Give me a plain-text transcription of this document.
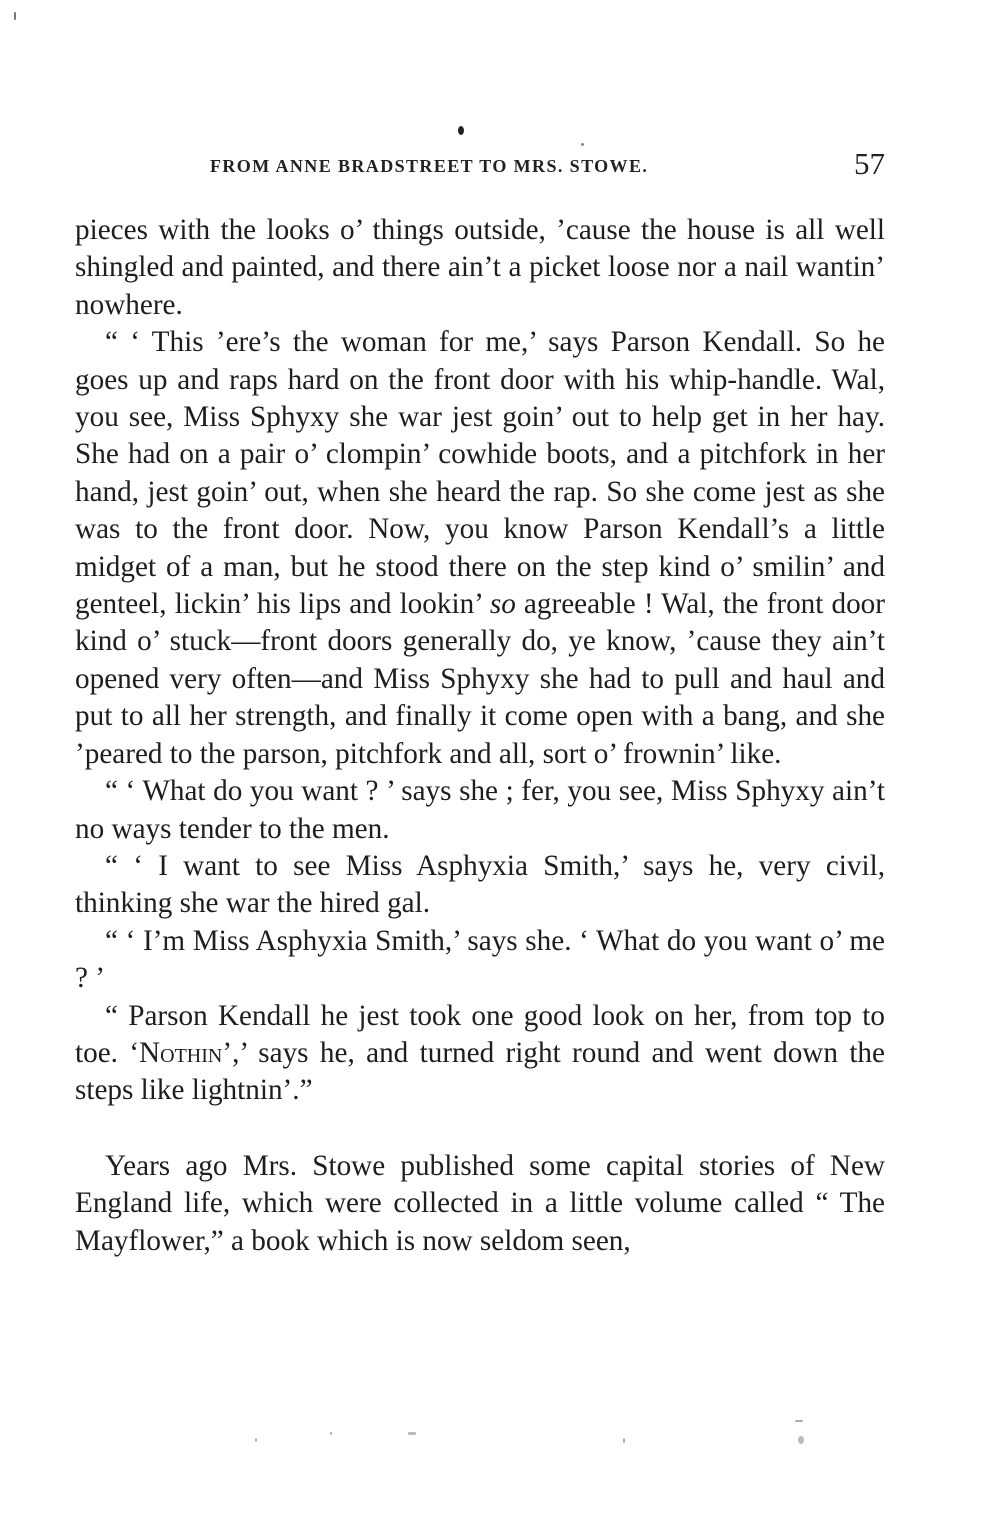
FROM ANNE BRADSTREET TO MRS. STOWE.	57

pieces with the looks o’ things outside, ’cause the house is all well shingled and painted, and there ain’t a picket loose nor a nail wantin’ nowhere.

“ ‘ This ’ere’s the woman for me,’ says Parson Kendall. So he goes up and raps hard on the front door with his whip-handle. Wal, you see, Miss Sphyxy she war jest goin’ out to help get in her hay. She had on a pair o’ clompin’ cowhide boots, and a pitchfork in her hand, jest goin’ out, when she heard the rap. So she come jest as she was to the front door. Now, you know Parson Kendall’s a little midget of a man, but he stood there on the step kind o’ smilin’ and genteel, lickin’ his lips and lookin’ so agreeable ! Wal, the front door kind o’ stuck—front doors generally do, ye know, ’cause they ain’t opened very often—and Miss Sphyxy she had to pull and haul and put to all her strength, and finally it come open with a bang, and she ’peared to the parson, pitchfork and all, sort o’ frownin’ like.

“ ‘ What do you want ? ’ says she ; fer, you see, Miss Sphyxy ain’t no ways tender to the men.

“ ‘ I want to see Miss Asphyxia Smith,’ says he, very civil, thinking she war the hired gal.

“ ‘ I’m Miss Asphyxia Smith,’ says she. ‘ What do you want o’ me ? ’

“ Parson Kendall he jest took one good look on her, from top to toe. ‘Nothin’,’ says he, and turned right round and went down the steps like lightnin’.”

Years ago Mrs. Stowe published some capital stories of New England life, which were collected in a little volume called “ The Mayflower,” a book which is now seldom seen,
